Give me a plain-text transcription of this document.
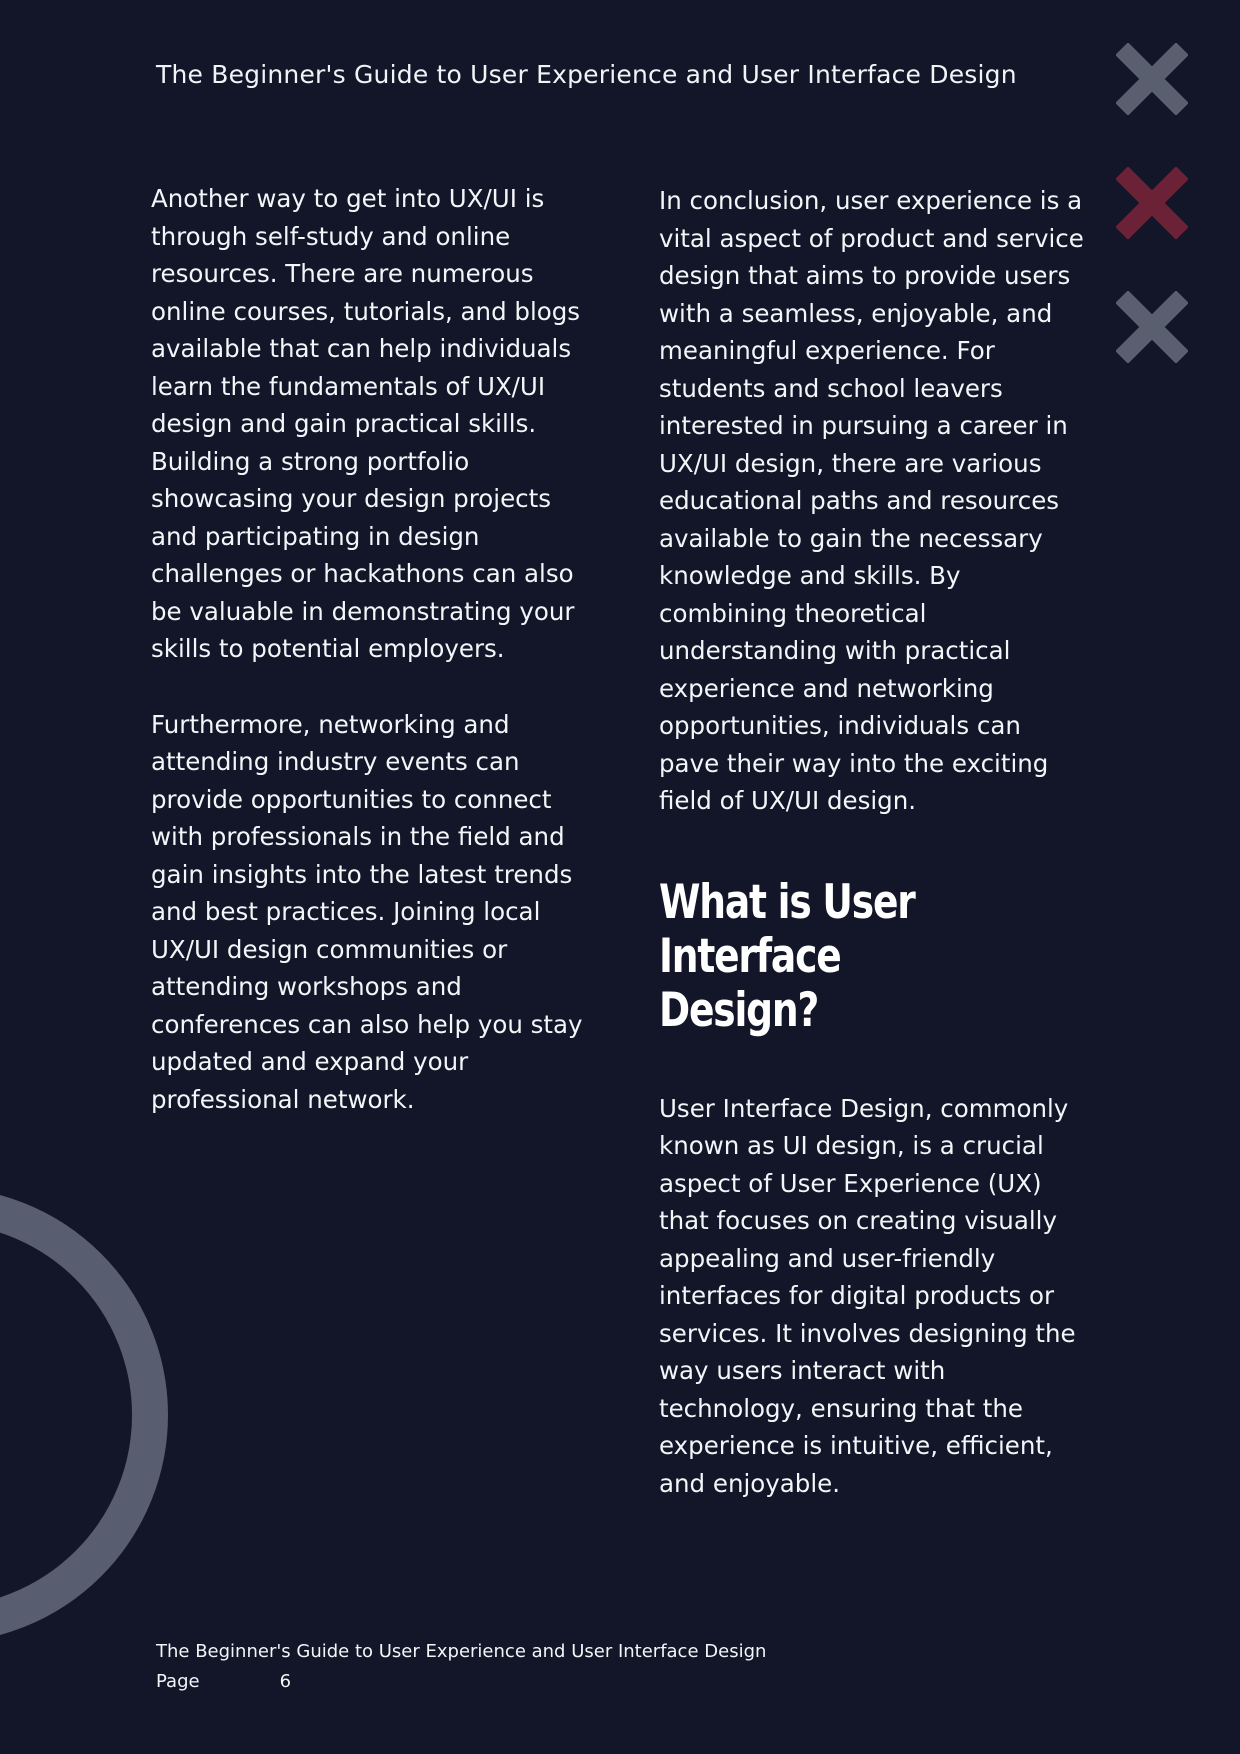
The Beginner's Guide to User Experience and User Interface Design

Another way to get into UX/UI is
through self-study and online
resources. There are numerous
online courses, tutorials, and blogs
available that can help individuals
learn the fundamentals of UX/UI
design and gain practical skills.
Building a strong portfolio
showcasing your design projects
and participating in design
challenges or hackathons can also
be valuable in demonstrating your
skills to potential employers.

Furthermore, networking and
attending industry events can
provide opportunities to connect
with professionals in the field and
gain insights into the latest trends
and best practices. Joining local
UX/UI design communities or
attending workshops and
conferences can also help you stay
updated and expand your
professional network.

In conclusion, user experience is a
vital aspect of product and service
design that aims to provide users
with a seamless, enjoyable, and
meaningful experience. For
students and school leavers
interested in pursuing a career in
UX/UI design, there are various
educational paths and resources
available to gain the necessary
knowledge and skills. By
combining theoretical
understanding with practical
experience and networking
opportunities, individuals can
pave their way into the exciting
field of UX/UI design.

What is User
Interface Design?

User Interface Design, commonly
known as UI design, is a crucial
aspect of User Experience (UX)
that focuses on creating visually
appealing and user-friendly
interfaces for digital products or
services. It involves designing the
way users interact with
technology, ensuring that the
experience is intuitive, efficient,
and enjoyable.

The Beginner's Guide to User Experience and User Interface Design
Page	6
